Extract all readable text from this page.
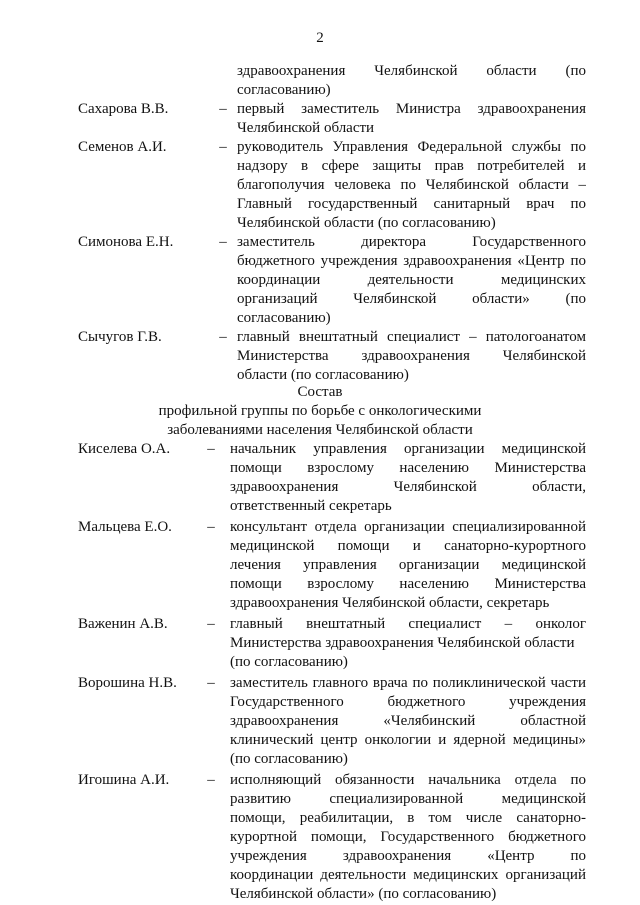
2
здравоохранения Челябинской области (по
согласованию)
Сахарова В.В.	– первый заместитель Министра здравоохранения
Челябинской области
Семенов А.И.	– руководитель Управления Федеральной службы по
надзору в сфере защиты прав потребителей и
благополучия человека по Челябинской области –
Главный государственный санитарный врач по
Челябинской области (по согласованию)
Симонова Е.Н.	– заместитель директора Государственного
бюджетного учреждения здравоохранения «Центр по
координации деятельности медицинских
организаций Челябинской области» (по
согласованию)
Сычугов Г.В.	– главный внештатный специалист – патологоанатом
Министерства здравоохранения Челябинской
области (по согласованию)
Состав
профильной группы по борьбе с онкологическими
заболеваниями населения Челябинской области
Киселева О.А.	–	начальник управления организации медицинской
помощи взрослому населению Министерства
здравоохранения Челябинской области,
ответственный секретарь
Мальцева Е.О.	–	консультант отдела организации специализированной
медицинской помощи и санаторно-курортного
лечения управления организации медицинской
помощи взрослому населению Министерства
здравоохранения Челябинской области, секретарь
Важенин А.В.	–	главный внештатный специалист – онколог
Министерства здравоохранения Челябинской области
(по согласованию)
Ворошина Н.В.	–	заместитель главного врача по поликлинической части
Государственного бюджетного учреждения
здравоохранения «Челябинский областной
клинический центр онкологии и ядерной медицины»
(по согласованию)
Игошина А.И.	–	исполняющий обязанности начальника отдела по
развитию специализированной медицинской
помощи, реабилитации, в том числе санаторно-
курортной помощи, Государственного бюджетного
учреждения здравоохранения «Центр по
координации деятельности медицинских организаций
Челябинской области» (по согласованию)
